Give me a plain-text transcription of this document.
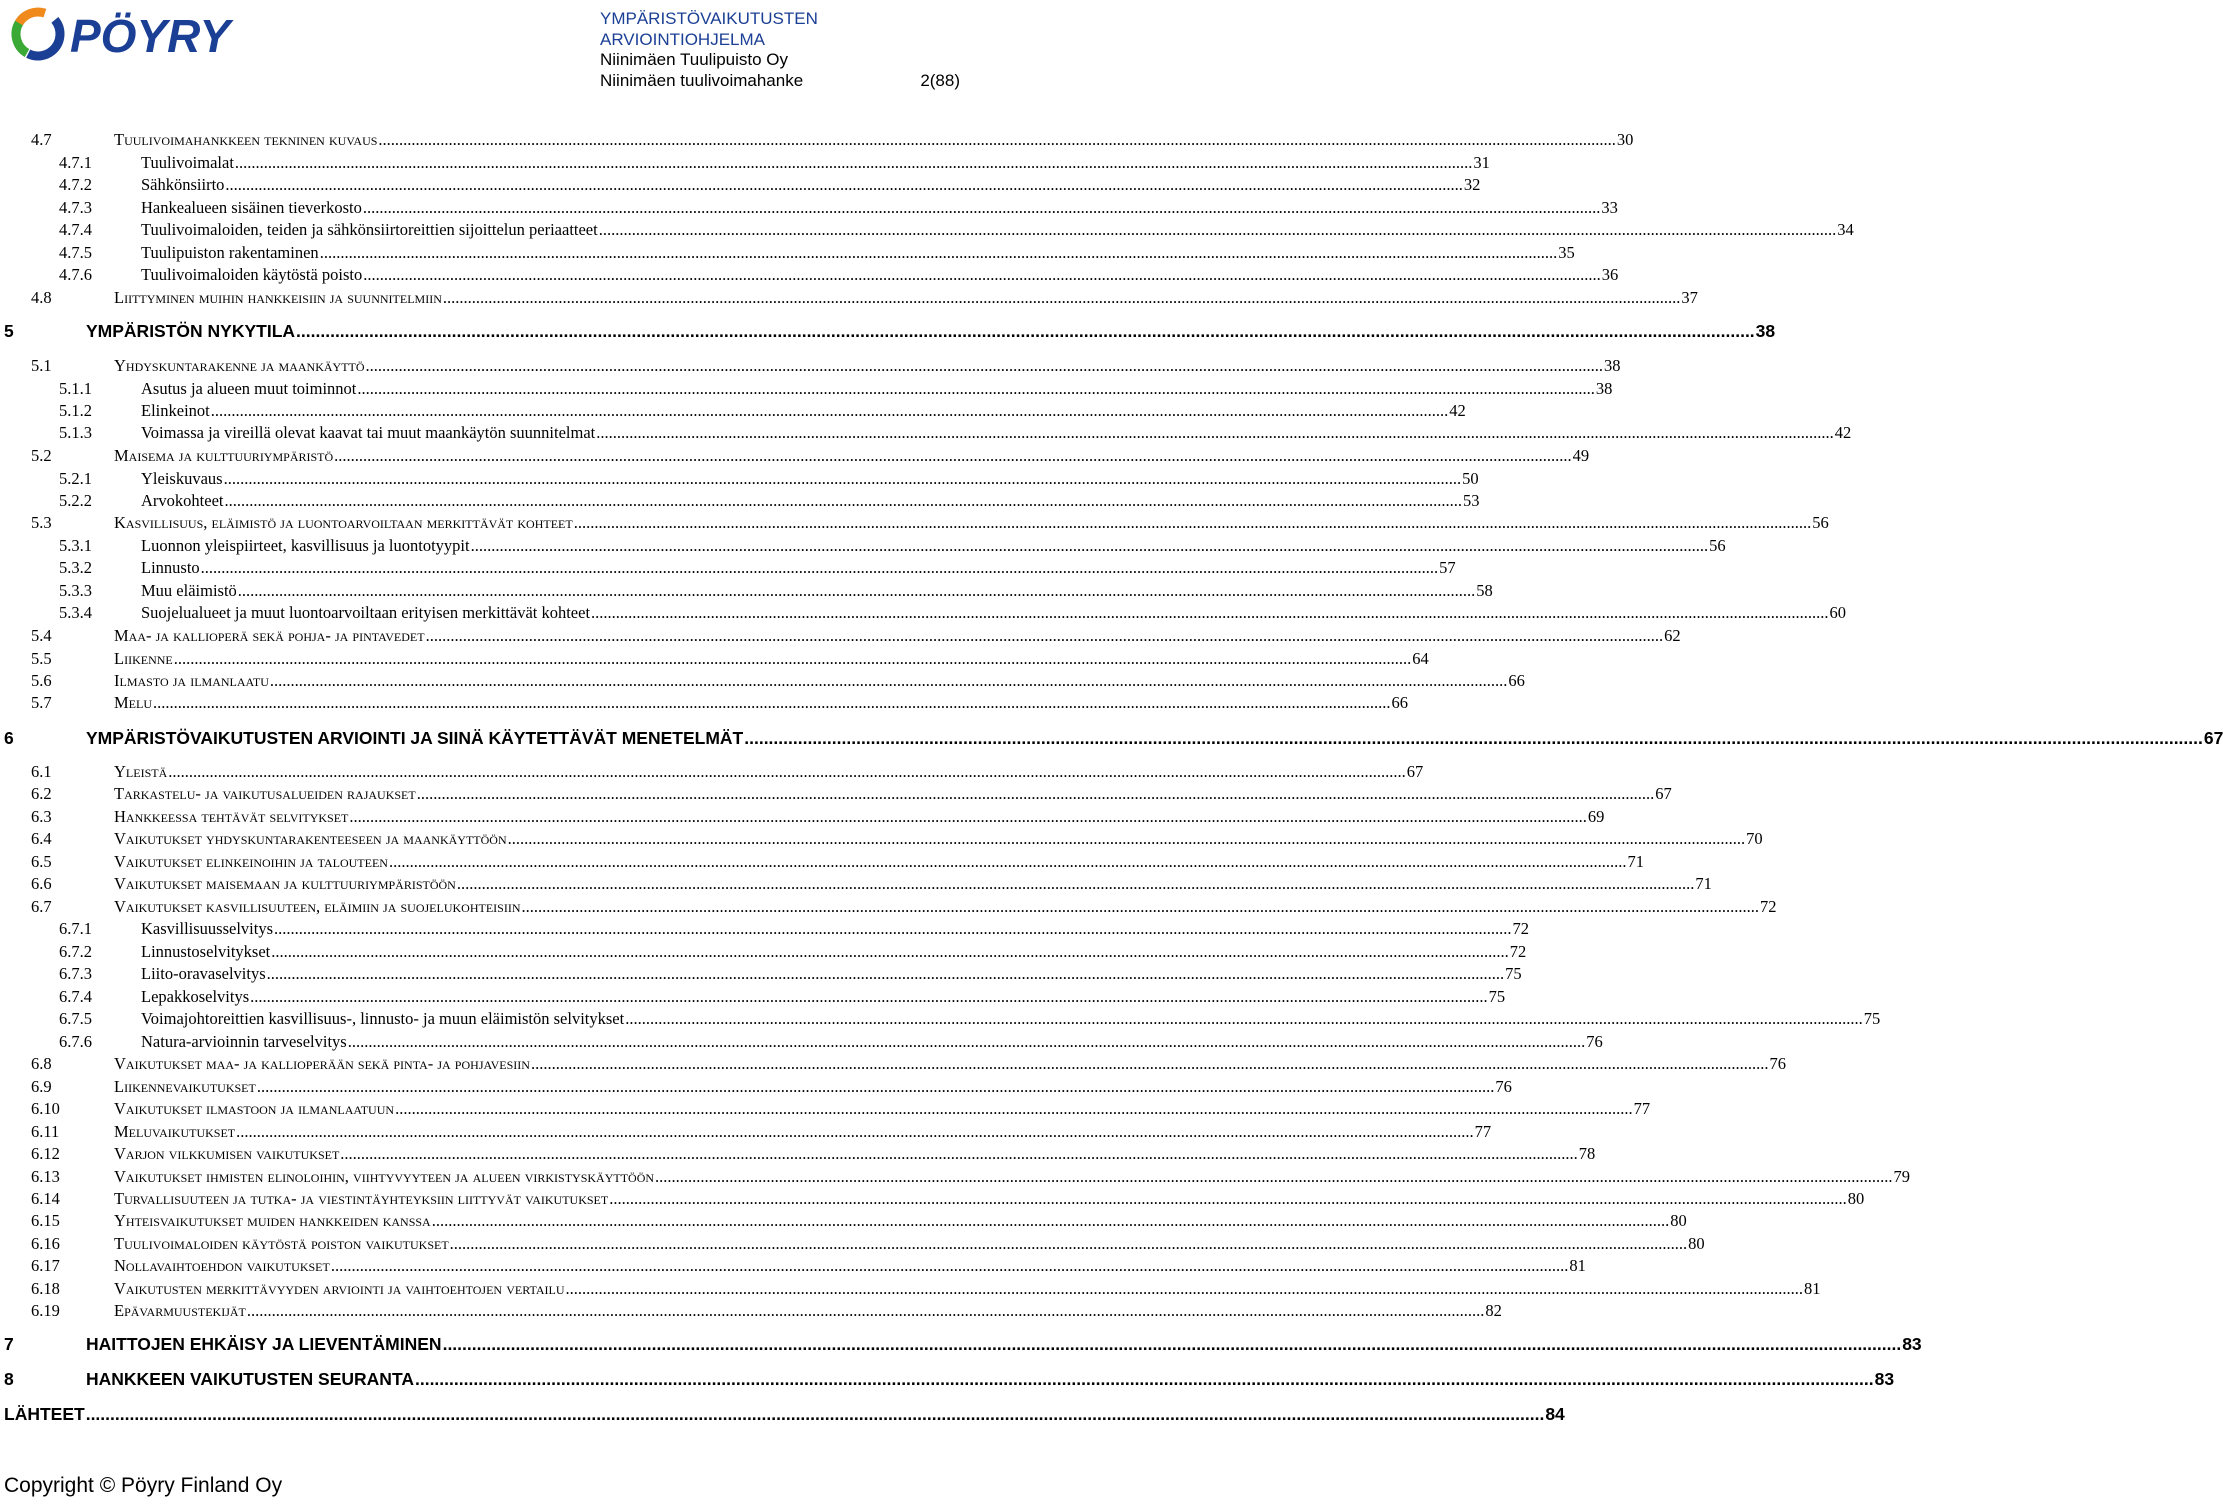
PÖYRY	YMPÄRISTÖVAIKUTUSTEN
ARVIOINTIOHJELMA
Niinimäen Tuulipuisto Oy
Niinimäen tuulivoimahanke	2(88)
4.7	Tuulivoimahankkeen tekninen kuvaus ............................................................................................................................................................................................................................................................................................................ 30
4.7.1	Tuulivoimalat ............................................................................................................................................................................................................................................................................................................ 31
4.7.2	Sähkönsiirto ............................................................................................................................................................................................................................................................................................................ 32
4.7.3	Hankealueen sisäinen tieverkosto ............................................................................................................................................................................................................................................................................................................ 33
4.7.4	Tuulivoimaloiden, teiden ja sähkönsiirtoreittien sijoittelun periaatteet ............................................................................................................................................................................................................................................................................................................ 34
4.7.5	Tuulipuiston rakentaminen ............................................................................................................................................................................................................................................................................................................ 35
4.7.6	Tuulivoimaloiden käytöstä poisto ............................................................................................................................................................................................................................................................................................................ 36
4.8	Liittyminen muihin hankkeisiin ja suunnitelmiin ............................................................................................................................................................................................................................................................................................................ 37
5	YMPÄRISTÖN NYKYTILA ............................................................................................................................................................................................................................................................................................................ 38
5.1	Yhdyskuntarakenne ja maankäyttö ............................................................................................................................................................................................................................................................................................................ 38
5.1.1	Asutus ja alueen muut toiminnot ............................................................................................................................................................................................................................................................................................................ 38
5.1.2	Elinkeinot ............................................................................................................................................................................................................................................................................................................ 42
5.1.3	Voimassa ja vireillä olevat kaavat tai muut maankäytön suunnitelmat ............................................................................................................................................................................................................................................................................................................ 42
5.2	Maisema ja kulttuuriympäristö ............................................................................................................................................................................................................................................................................................................ 49
5.2.1	Yleiskuvaus ............................................................................................................................................................................................................................................................................................................ 50
5.2.2	Arvokohteet ............................................................................................................................................................................................................................................................................................................ 53
5.3	Kasvillisuus, eläimistö ja luontoarvoiltaan merkittävät kohteet ............................................................................................................................................................................................................................................................................................................ 56
5.3.1	Luonnon yleispiirteet, kasvillisuus ja luontotyypit ............................................................................................................................................................................................................................................................................................................ 56
5.3.2	Linnusto ............................................................................................................................................................................................................................................................................................................ 57
5.3.3	Muu eläimistö ............................................................................................................................................................................................................................................................................................................ 58
5.3.4	Suojelualueet ja muut luontoarvoiltaan erityisen merkittävät kohteet ............................................................................................................................................................................................................................................................................................................ 60
5.4	Maa- ja kallioperä sekä pohja- ja pintavedet ............................................................................................................................................................................................................................................................................................................ 62
5.5	Liikenne ............................................................................................................................................................................................................................................................................................................ 64
5.6	Ilmasto ja ilmanlaatu ............................................................................................................................................................................................................................................................................................................ 66
5.7	Melu ............................................................................................................................................................................................................................................................................................................ 66
6	YMPÄRISTÖVAIKUTUSTEN ARVIOINTI JA SIINÄ KÄYTETTÄVÄT MENETELMÄT ............................................................................................................................................................................................................................................................................................................ 67
6.1	Yleistä ............................................................................................................................................................................................................................................................................................................ 67
6.2	Tarkastelu- ja vaikutusalueiden rajaukset ............................................................................................................................................................................................................................................................................................................ 67
6.3	Hankkeessa tehtävät selvitykset ............................................................................................................................................................................................................................................................................................................ 69
6.4	Vaikutukset yhdyskuntarakenteeseen ja maankäyttöön ............................................................................................................................................................................................................................................................................................................ 70
6.5	Vaikutukset elinkeinoihin ja talouteen ............................................................................................................................................................................................................................................................................................................ 71
6.6	Vaikutukset maisemaan ja kulttuuriympäristöön ............................................................................................................................................................................................................................................................................................................ 71
6.7	Vaikutukset kasvillisuuteen, eläimiin ja suojelukohteisiin ............................................................................................................................................................................................................................................................................................................ 72
6.7.1	Kasvillisuusselvitys ............................................................................................................................................................................................................................................................................................................ 72
6.7.2	Linnustoselvitykset ............................................................................................................................................................................................................................................................................................................ 72
6.7.3	Liito-oravaselvitys ............................................................................................................................................................................................................................................................................................................ 75
6.7.4	Lepakkoselvitys ............................................................................................................................................................................................................................................................................................................ 75
6.7.5	Voimajohtoreittien kasvillisuus-, linnusto- ja muun eläimistön selvitykset ............................................................................................................................................................................................................................................................................................................ 75
6.7.6	Natura-arvioinnin tarveselvitys ............................................................................................................................................................................................................................................................................................................ 76
6.8	Vaikutukset maa- ja kallioperään sekä pinta- ja pohjavesiin ............................................................................................................................................................................................................................................................................................................ 76
6.9	Liikennevaikutukset ............................................................................................................................................................................................................................................................................................................ 76
6.10	Vaikutukset ilmastoon ja ilmanlaatuun ............................................................................................................................................................................................................................................................................................................ 77
6.11	Meluvaikutukset ............................................................................................................................................................................................................................................................................................................ 77
6.12	Varjon vilkkumisen vaikutukset ............................................................................................................................................................................................................................................................................................................ 78
6.13	Vaikutukset ihmisten elinoloihin, viihtyvyyteen ja alueen virkistyskäyttöön ............................................................................................................................................................................................................................................................................................................ 79
6.14	Turvallisuuteen ja tutka- ja viestintäyhteyksiin liittyvät vaikutukset ............................................................................................................................................................................................................................................................................................................ 80
6.15	Yhteisvaikutukset muiden hankkeiden kanssa ............................................................................................................................................................................................................................................................................................................ 80
6.16	Tuulivoimaloiden käytöstä poiston vaikutukset ............................................................................................................................................................................................................................................................................................................ 80
6.17	Nollavaihtoehdon vaikutukset ............................................................................................................................................................................................................................................................................................................ 81
6.18	Vaikutusten merkittävyyden arviointi ja vaihtoehtojen vertailu ............................................................................................................................................................................................................................................................................................................ 81
6.19	Epävarmuustekijät ............................................................................................................................................................................................................................................................................................................ 82
7	HAITTOJEN EHKÄISY JA LIEVENTÄMINEN ............................................................................................................................................................................................................................................................................................................ 83
8	HANKKEEN VAIKUTUSTEN SEURANTA ............................................................................................................................................................................................................................................................................................................ 83
LÄHTEET ............................................................................................................................................................................................................................................................................................................ 84
Copyright © Pöyry Finland Oy
